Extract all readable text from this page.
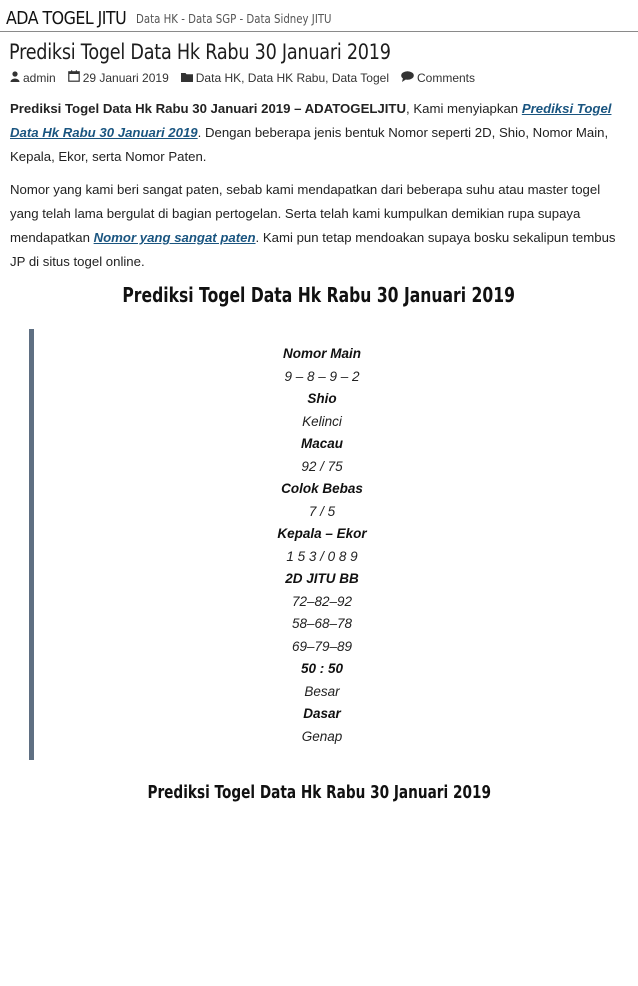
ADA TOGEL JITU Data HK - Data SGP - Data Sidney JITU
Prediksi Togel Data Hk Rabu 30 Januari 2019
admin 29 Januari 2019 Data HK, Data HK Rabu, Data Togel Comments

Prediksi Togel Data Hk Rabu 30 Januari 2019 – ADATOGELJITU, Kami menyiapkan Prediksi Togel Data Hk Rabu 30 Januari 2019. Dengan beberapa jenis bentuk Nomor seperti 2D, Shio, Nomor Main, Kepala, Ekor, serta Nomor Paten.

Nomor yang kami beri sangat paten, sebab kami mendapatkan dari beberapa suhu atau master togel yang telah lama bergulat di bagian pertogelan. Serta telah kami kumpulkan demikian rupa supaya mendapatkan Nomor yang sangat paten. Kami pun tetap mendoakan supaya bosku sekalipun tembus JP di situs togel online.

Prediksi Togel Data Hk Rabu 30 Januari 2019
Nomor Main
9 – 8 – 9 – 2
Shio
Kelinci
Macau
92 / 75
Colok Bebas
7 / 5
Kepala – Ekor
1 5 3 / 0 8 9
2D JITU BB
72–82–92
58–68–78
69–79–89
50 : 50
Besar
Dasar
Genap
Prediksi Togel Data Hk Rabu 30 Januari 2019
